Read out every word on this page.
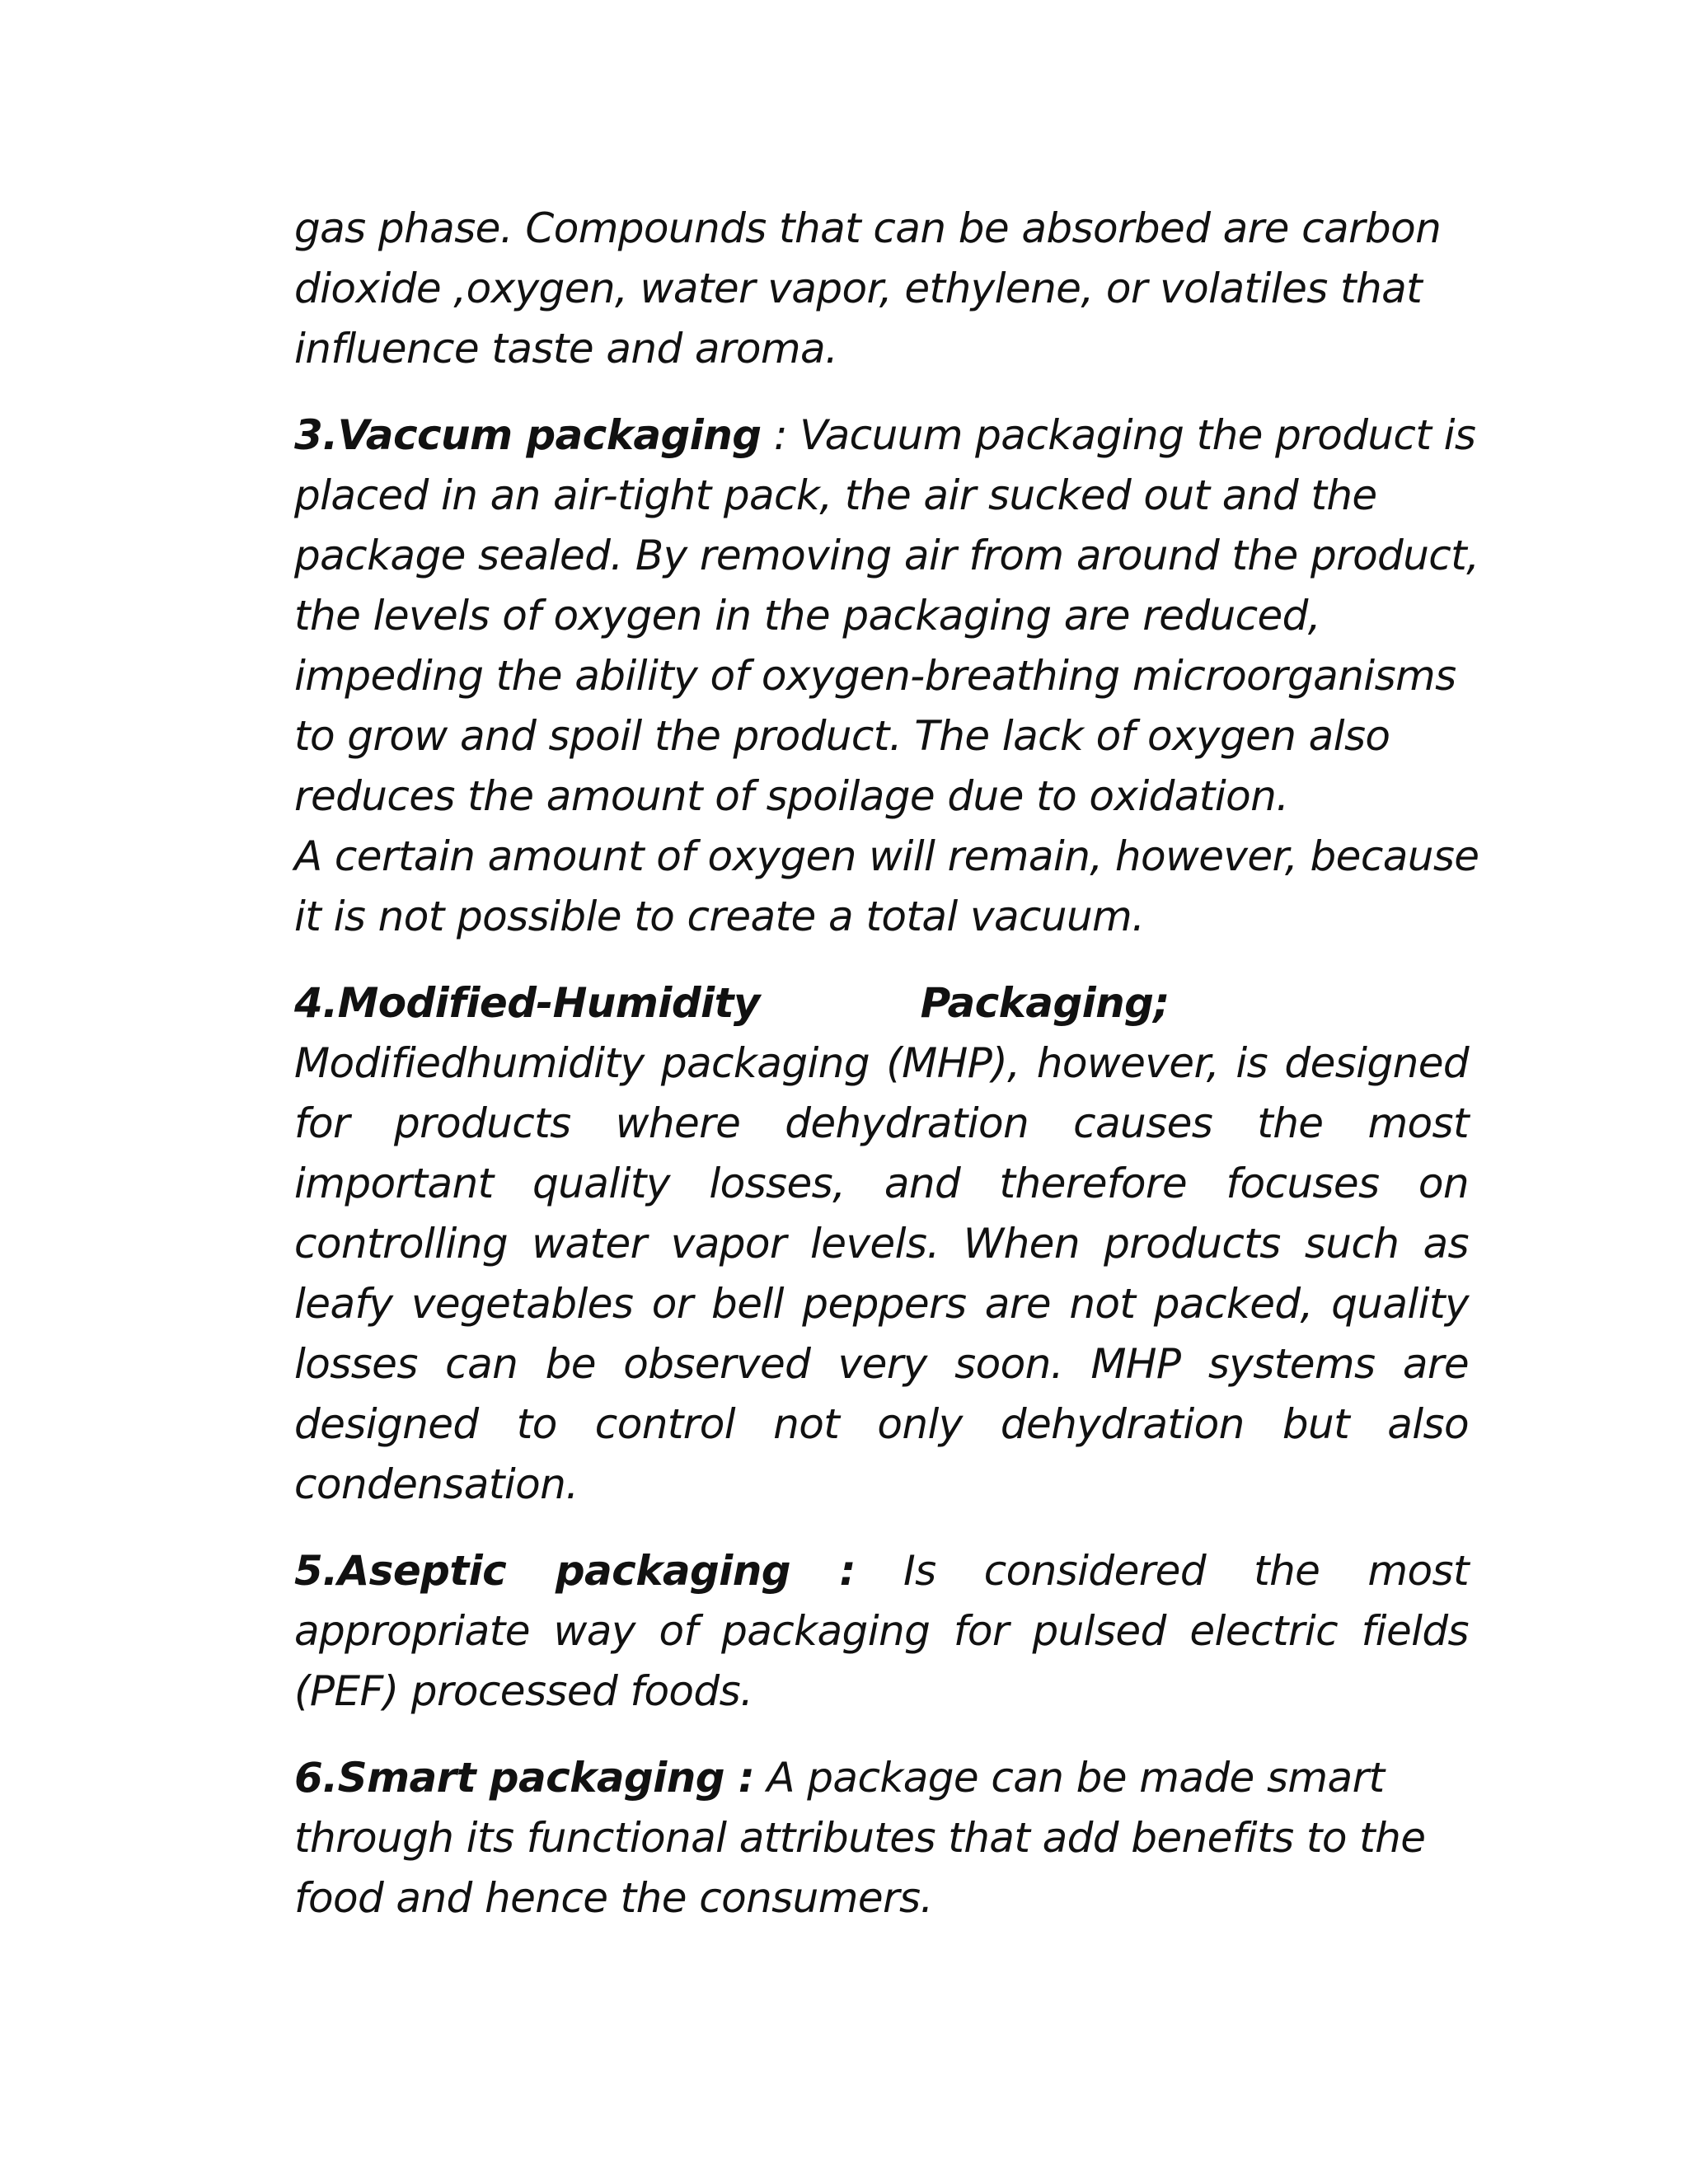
gas phase. Compounds that can be absorbed are carbon
dioxide ,oxygen, water vapor, ethylene, or volatiles that
influence taste and aroma.

3.Vaccum packaging : Vacuum packaging the product is
placed in an air-tight pack, the air sucked out and the
package sealed. By removing air from around the product,
the levels of oxygen in the packaging are reduced,
impeding the ability of oxygen-breathing microorganisms
to grow and spoil the product. The lack of oxygen also
reduces the amount of spoilage due to oxidation.
A certain amount of oxygen will remain, however, because
it is not possible to create a total vacuum.

4.Modified-Humidity Packaging;  Modifiedhumidity packaging (MHP), however, is designed for products where dehydration causes the most important quality losses, and therefore focuses on controlling water vapor levels. When products such as leafy vegetables or bell peppers are not packed, quality losses can be observed very soon. MHP systems are designed to control not only dehydration but also condensation.

5.Aseptic packaging : Is considered the most appropriate way of packaging for pulsed electric fields (PEF) processed foods.

6.Smart packaging : A package can be made smart
through its functional attributes that add benefits to the
food and hence the consumers.
